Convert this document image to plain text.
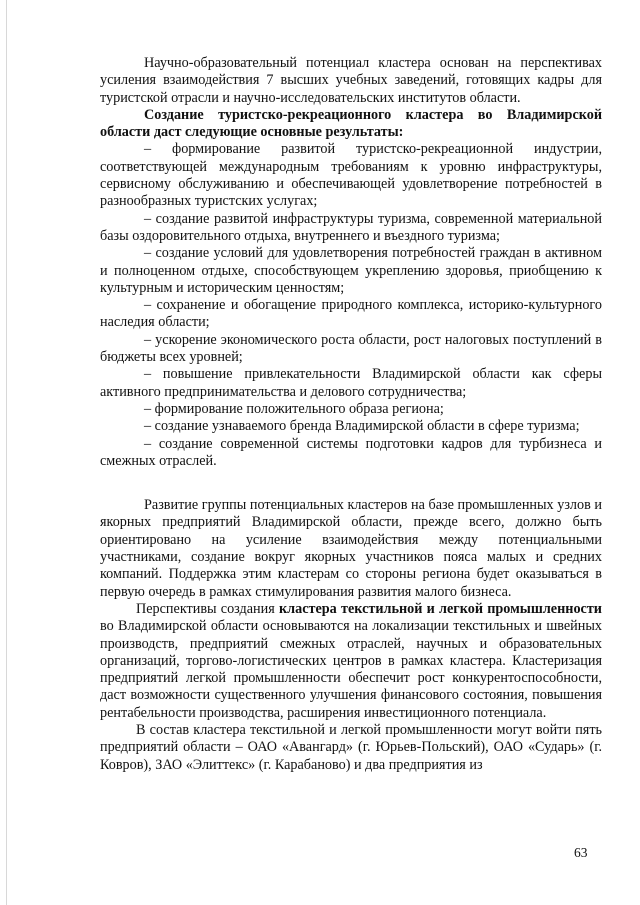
Научно-образовательный потенциал кластера основан на перспективах усиления взаимодействия 7 высших учебных заведений, готовящих кадры для туристской отрасли и научно-исследовательских институтов области.

Создание туристско-рекреационного кластера во Владимирской области даст следующие основные результаты:

– формирование развитой туристско-рекреационной индустрии, соответствующей международным требованиям к уровню инфраструктуры, сервисному обслуживанию и обеспечивающей удовлетворение потребностей в разнообразных туристских услугах;

– создание развитой инфраструктуры туризма, современной материальной базы оздоровительного отдыха, внутреннего и въездного туризма;

– создание условий для удовлетворения потребностей граждан в активном и полноценном отдыхе, способствующем укреплению здоровья, приобщению к культурным и историческим ценностям;

– сохранение и обогащение природного комплекса, историко-культурного наследия области;

– ускорение экономического роста области, рост налоговых поступлений в бюджеты всех уровней;

– повышение привлекательности Владимирской области как сферы активного предпринимательства и делового сотрудничества;

– формирование положительного образа региона;

– создание узнаваемого бренда Владимирской области в сфере туризма;

– создание современной системы подготовки кадров для турбизнеса и смежных отраслей.

Развитие группы потенциальных кластеров на базе промышленных узлов и якорных предприятий Владимирской области, прежде всего, должно быть ориентировано на усиление взаимодействия между потенциальными участниками, создание вокруг якорных участников пояса малых и средних компаний. Поддержка этим кластерам со стороны региона будет оказываться в первую очередь в рамках стимулирования развития малого бизнеса.

Перспективы создания кластера текстильной и легкой промышленности во Владимирской области основываются на локализации текстильных и швейных производств, предприятий смежных отраслей, научных и образовательных организаций, торгово-логистических центров в рамках кластера. Кластеризация предприятий легкой промышленности обеспечит рост конкурентоспособности, даст возможности существенного улучшения финансового состояния, повышения рентабельности производства, расширения инвестиционного потенциала.

В состав кластера текстильной и легкой промышленности могут войти пять предприятий области – ОАО «Авангард» (г. Юрьев-Польский), ОАО «Сударь» (г. Ковров), ЗАО «Элиттекс» (г. Карабаново) и два предприятия из

63
